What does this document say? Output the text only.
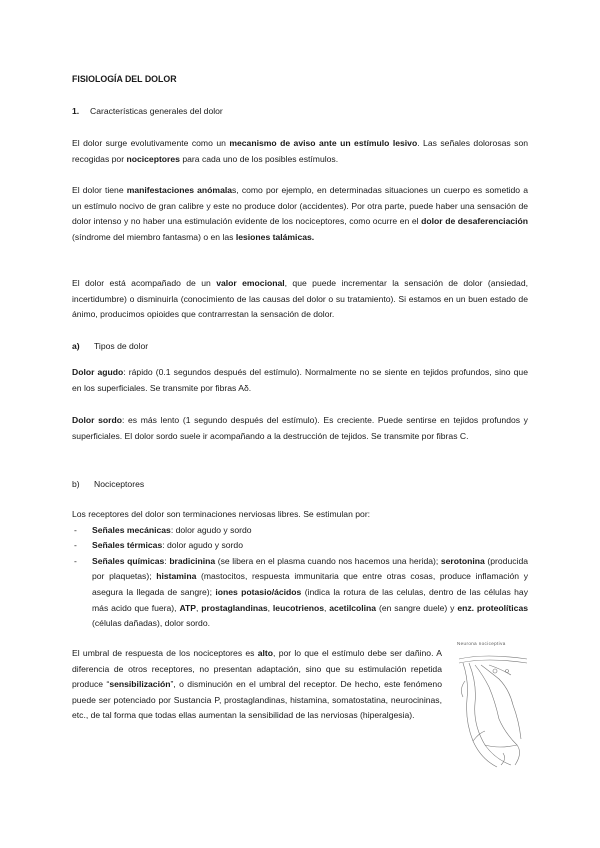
FISIOLOGÍA DEL DOLOR
1. Características generales del dolor
El dolor surge evolutivamente como un mecanismo de aviso ante un estímulo lesivo. Las señales dolorosas son recogidas por nociceptores para cada uno de los posibles estímulos.
El dolor tiene manifestaciones anómalas, como por ejemplo, en determinadas situaciones un cuerpo es sometido a un estímulo nocivo de gran calibre y este no produce dolor (accidentes). Por otra parte, puede haber una sensación de dolor intenso y no haber una estimulación evidente de los nociceptores, como ocurre en el dolor de desaferenciación (síndrome del miembro fantasma) o en las lesiones talámicas.
El dolor está acompañado de un valor emocional, que puede incrementar la sensación de dolor (ansiedad, incertidumbre) o disminuirla (conocimiento de las causas del dolor o su tratamiento). Si estamos en un buen estado de ánimo, producimos opioides que contrarrestan la sensación de dolor.
a) Tipos de dolor
Dolor agudo: rápido (0.1 segundos después del estímulo). Normalmente no se siente en tejidos profundos, sino que en los superficiales. Se transmite por fibras Aδ.
Dolor sordo: es más lento (1 segundo después del estímulo). Es creciente. Puede sentirse en tejidos profundos y superficiales. El dolor sordo suele ir acompañando a la destrucción de tejidos. Se transmite por fibras C.
b) Nociceptores
Los receptores del dolor son terminaciones nerviosas libres. Se estimulan por:
- Señales mecánicas: dolor agudo y sordo
- Señales térmicas: dolor agudo y sordo
- Señales químicas: bradicinina (se libera en el plasma cuando nos hacemos una herida); serotonina (producida por plaquetas); histamina (mastocitos, respuesta immunitaria que entre otras cosas, produce inflamación y asegura la llegada de sangre); iones potasio/ácidos (indica la rotura de las celulas, dentro de las células hay más acido que fuera), ATP, prostaglandinas, leucotrienos, acetilcolina (en sangre duele) y enz. proteolíticas (células dañadas), dolor sordo.
El umbral de respuesta de los nociceptores es alto, por lo que el estímulo debe ser dañino. A diferencia de otros receptores, no presentan adaptación, sino que su estimulación repetida produce “sensibilización”, o disminución en el umbral del receptor. De hecho, este fenómeno puede ser potenciado por Sustancia P, prostaglandinas, histamina, somatostatina, neurocininas, etc., de tal forma que todas ellas aumentan la sensibilidad de las nerviosas (hiperalgesia).
Neurona nociceptiva
